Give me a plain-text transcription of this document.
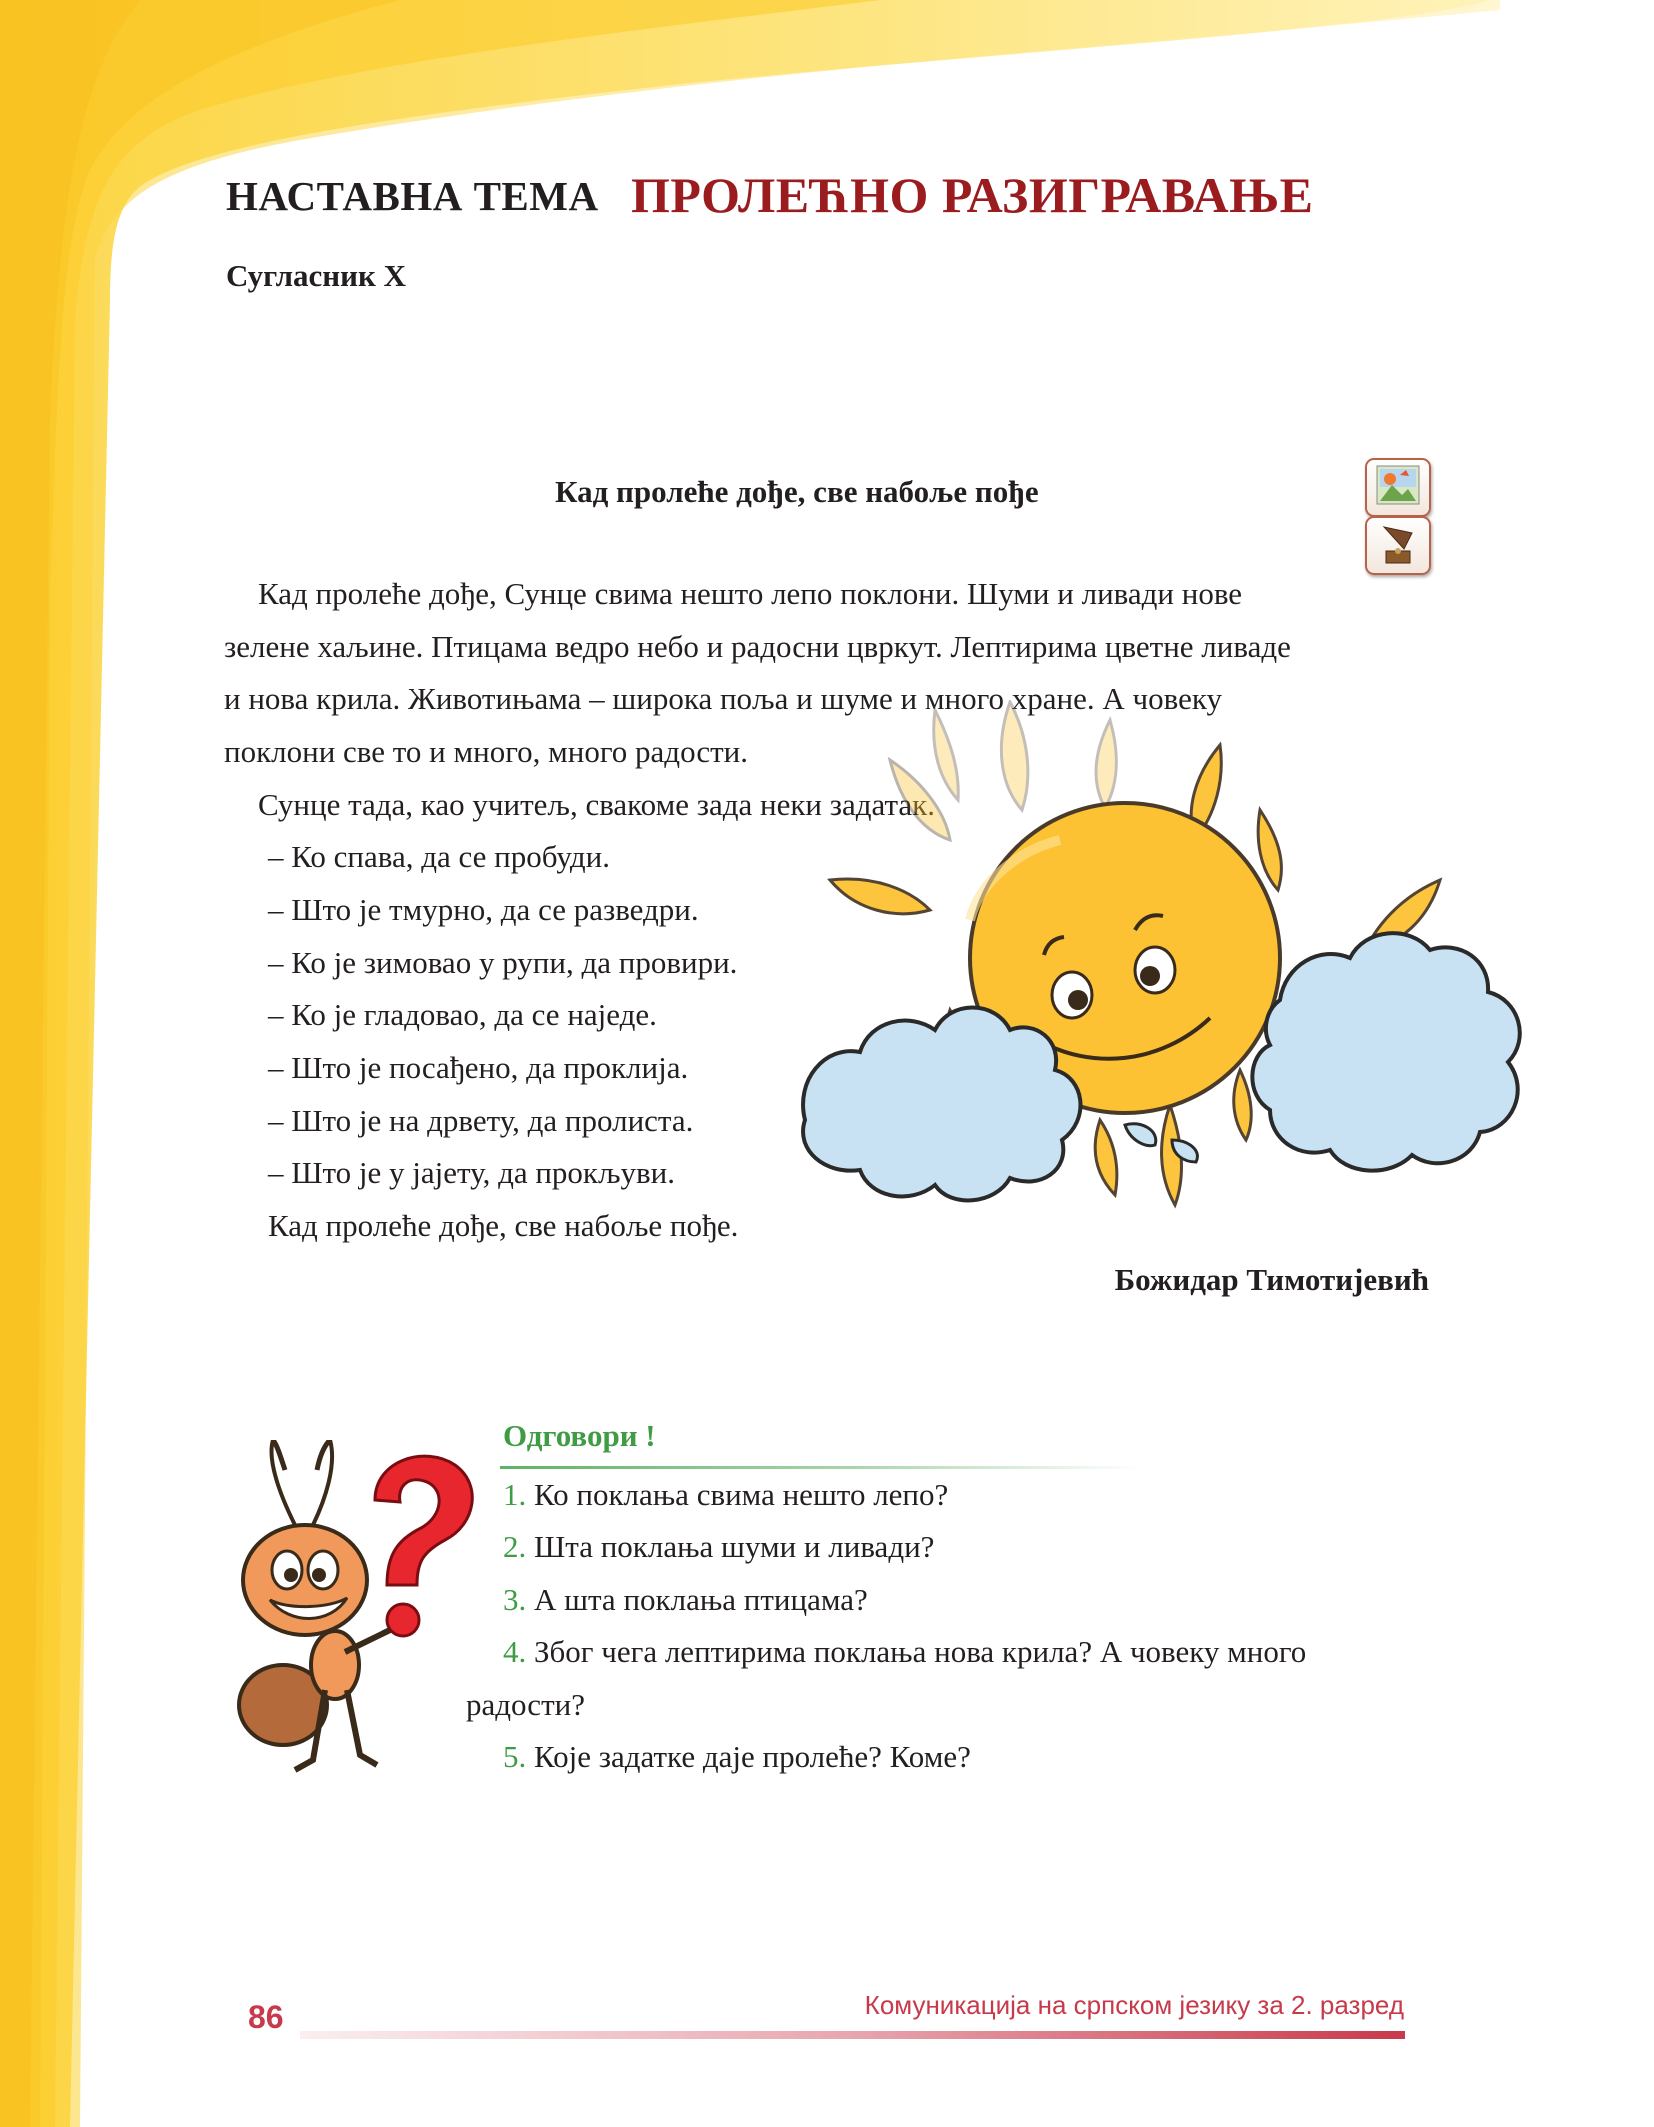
НАСТАВНА ТЕМА ПРОЛЕЋНО РАЗИГРАВАЊЕ
Сугласник Х
Кад пролеће дође, све набоље пође
Кад пролеће дође, Сунце свима нешто лепо поклони. Шуми и ливади нове
зелене хаљине. Птицама ведро небо и радосни цвркут. Лептирима цветне ливаде
и нова крила. Животињама – широка поља и шуме и много хране. А човеку
поклони све то и много, много радости.
Сунце тада, као учитељ, свакоме зада неки задатак.
– Ко спава, да се пробуди.
– Што је тмурно, да се разведри.
– Ко је зимовао у рупи, да провири.
– Ко је гладовао, да се наједе.
– Што је посађено, да проклија.
– Што је на дрвету, да пролиста.
– Што је у јајету, да прокљуви.
Кад пролеће дође, све набоље пође.
Божидар Тимотијевић
Одговори !
1. Ко поклања свима нешто лепо?
2. Шта поклања шуми и ливади?
3. А шта поклања птицама?
4. Због чега лептирима поклања нова крила? А човеку много
радости?
5. Које задатке даје пролеће? Коме?
86	Комуникација на српском језику за 2. разред
